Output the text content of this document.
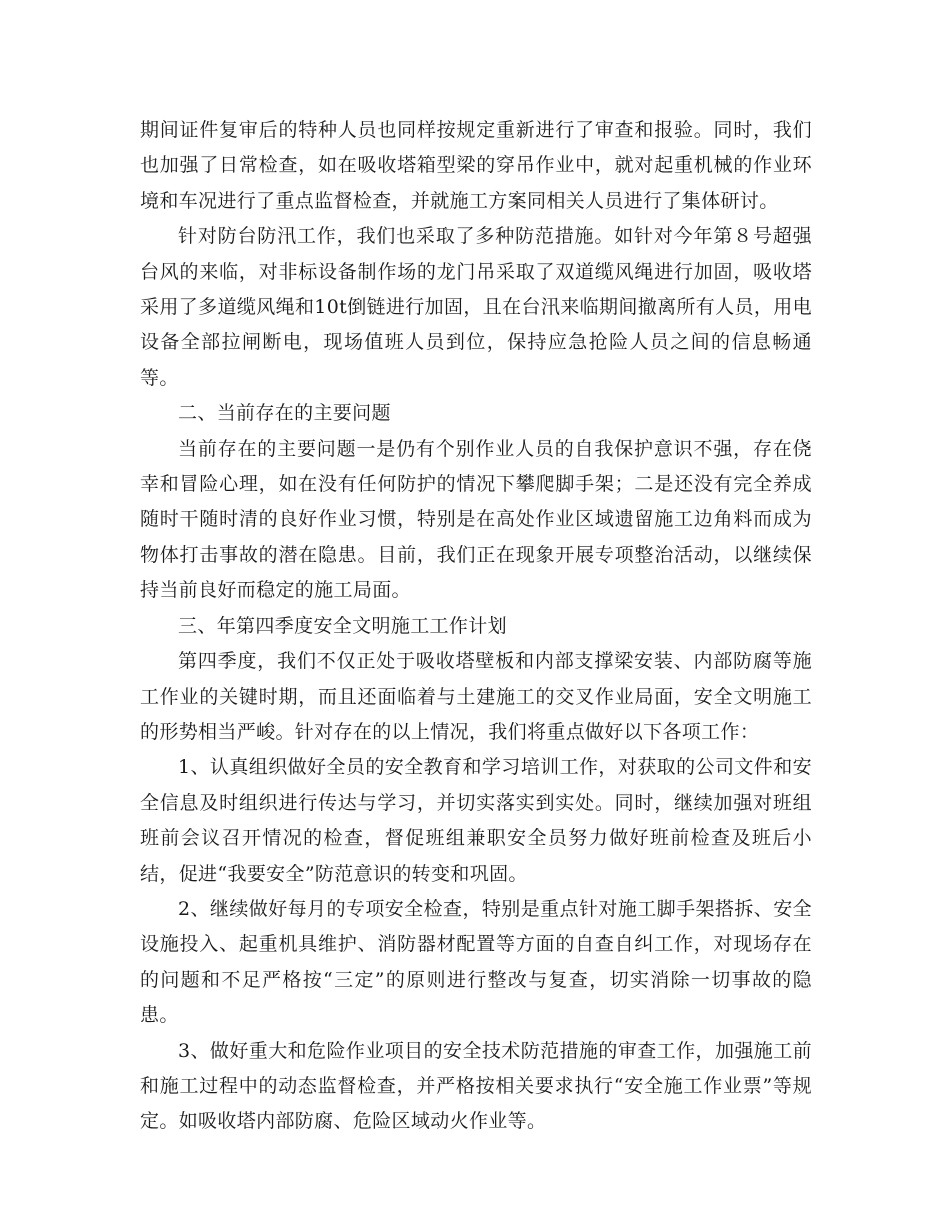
期间证件复审后的特种人员也同样按规定重新进行了审查和报验。同时，我们也加强了日常检查，如在吸收塔箱型梁的穿吊作业中，就对起重机械的作业环境和车况进行了重点监督检查，并就施工方案同相关人员进行了集体研讨。

针对防台防汛工作，我们也采取了多种防范措施。如针对今年第８号超强台风的来临，对非标设备制作场的龙门吊采取了双道缆风绳进行加固，吸收塔采用了多道缆风绳和10t倒链进行加固，且在台汛来临期间撤离所有人员，用电设备全部拉闸断电，现场值班人员到位，保持应急抢险人员之间的信息畅通等。

二、当前存在的主要问题

当前存在的主要问题一是仍有个别作业人员的自我保护意识不强，存在侥幸和冒险心理，如在没有任何防护的情况下攀爬脚手架；二是还没有完全养成随时干随时清的良好作业习惯，特别是在高处作业区域遗留施工边角料而成为物体打击事故的潜在隐患。目前，我们正在现象开展专项整治活动，以继续保持当前良好而稳定的施工局面。

三、年第四季度安全文明施工工作计划

第四季度，我们不仅正处于吸收塔壁板和内部支撑梁安装、内部防腐等施工作业的关键时期，而且还面临着与土建施工的交叉作业局面，安全文明施工的形势相当严峻。针对存在的以上情况，我们将重点做好以下各项工作：

1、认真组织做好全员的安全教育和学习培训工作，对获取的公司文件和安全信息及时组织进行传达与学习，并切实落实到实处。同时，继续加强对班组班前会议召开情况的检查，督促班组兼职安全员努力做好班前检查及班后小结，促进“我要安全”防范意识的转变和巩固。

2、继续做好每月的专项安全检查，特别是重点针对施工脚手架搭拆、安全设施投入、起重机具维护、消防器材配置等方面的自查自纠工作，对现场存在的问题和不足严格按“三定”的原则进行整改与复查，切实消除一切事故的隐患。

3、做好重大和危险作业项目的安全技术防范措施的审查工作，加强施工前和施工过程中的动态监督检查，并严格按相关要求执行“安全施工作业票”等规定。如吸收塔内部防腐、危险区域动火作业等。
